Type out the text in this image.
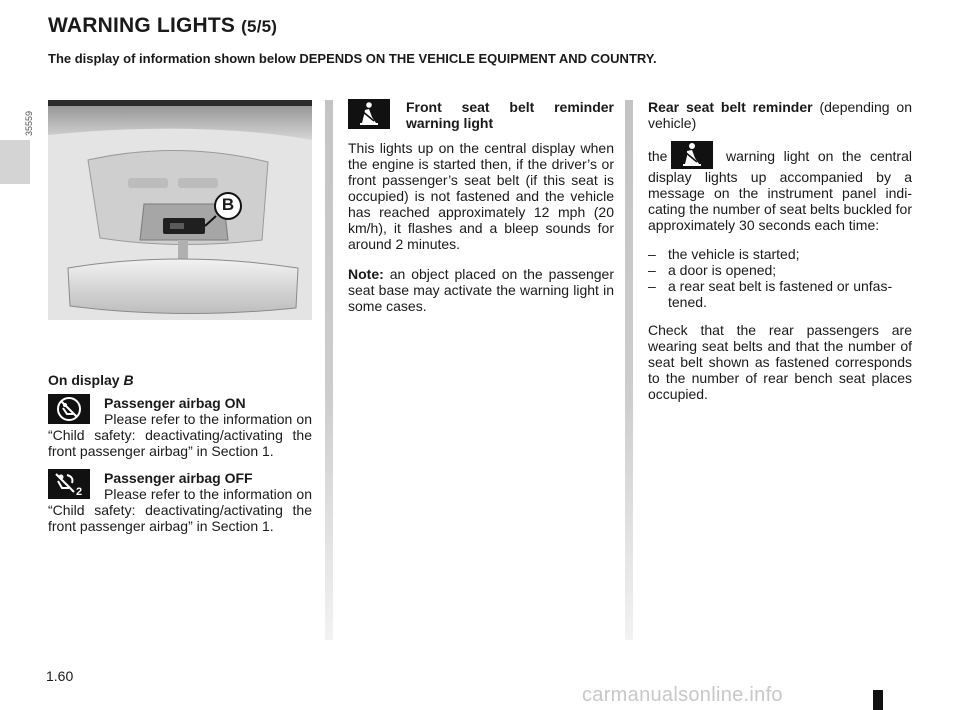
WARNING LIGHTS (5/5)

The display of information shown below DEPENDS ON THE VEHICLE EQUIPMENT AND COUNTRY.

35559
B

On display B

Passenger airbag ON

Please refer to the information on “Child safety: deactivating/activating the front passenger airbag” in Section 1.

2

Passenger airbag OFF

Please refer to the information on “Child safety: deactivating/activating the front passenger airbag” in Section 1.

Front seat belt reminder warning light

This lights up on the central display when the engine is started then, if the driver’s or front passenger’s seat belt (if this seat is occupied) is not fastened and the vehicle has reached approximately 12 mph (20 km/h), it flashes and a bleep sounds for around 2 minutes.

Note: an object placed on the passenger seat base may activate the warning light in some cases.

Rear seat belt reminder (depending on vehicle)

the	warning light on the central display lights up accompanied by a message on the instrument panel indicating the number of seat belts buckled for approximately 30 seconds each time:

– the vehicle is started;
– a door is opened;
– a rear seat belt is fastened or unfastened.

Check that the rear passengers are wearing seat belts and that the number of seat belt shown as fastened corresponds to the number of rear bench seat places occupied.

1.60
carmanualsonline.info
